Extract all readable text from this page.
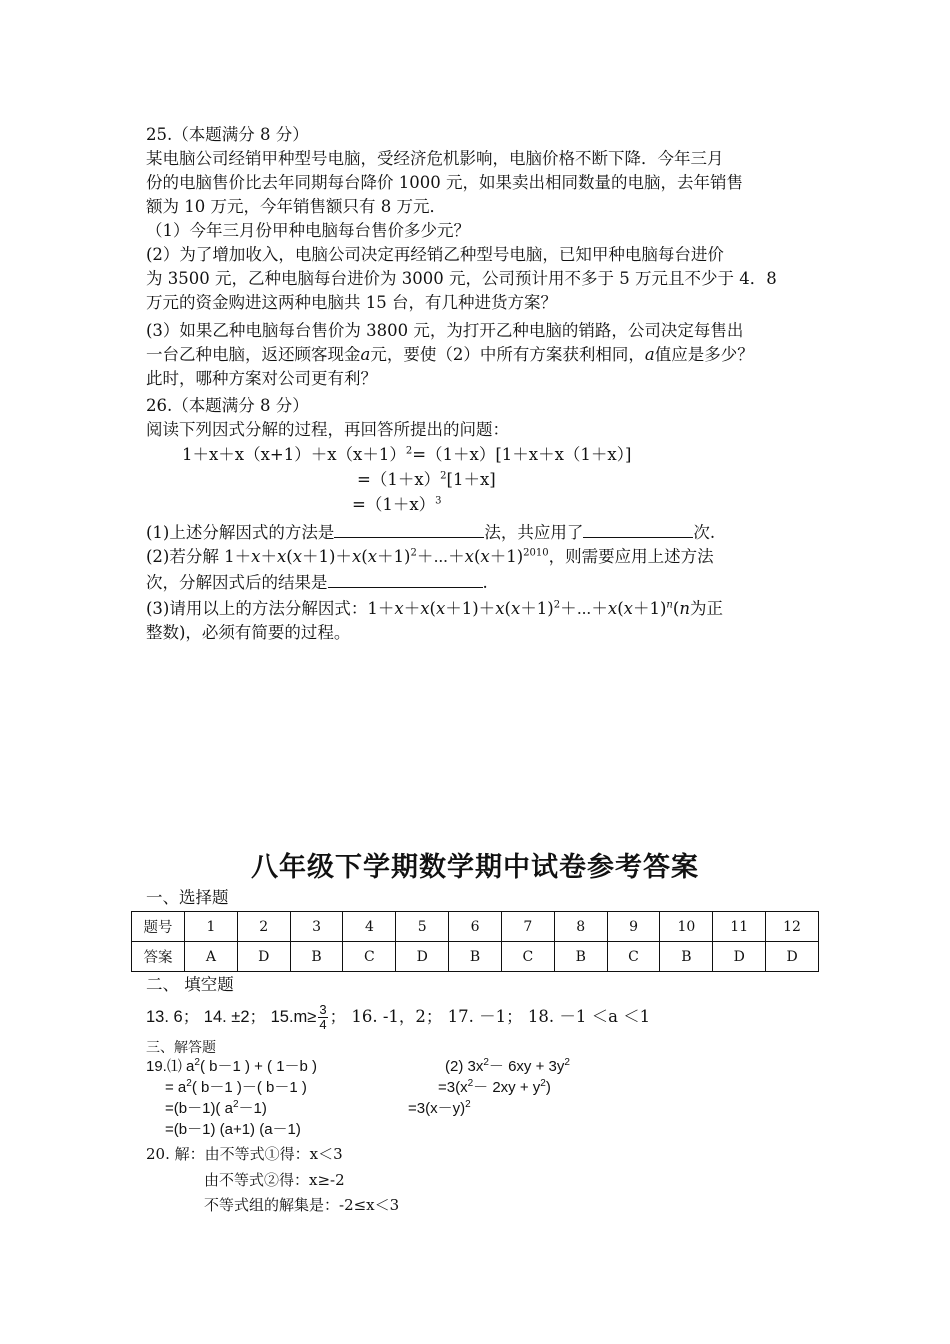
25.（本题满分 8 分）
某电脑公司经销甲种型号电脑，受经济危机影响，电脑价格不断下降．今年三月
份的电脑售价比去年同期每台降价 1000 元，如果卖出相同数量的电脑，去年销售
额为 10 万元，今年销售额只有 8 万元．
（1）今年三月份甲种电脑每台售价多少元？
(2）为了增加收入，电脑公司决定再经销乙种型号电脑，已知甲种电脑每台进价
为 3500 元，乙种电脑每台进价为 3000 元，公司预计用不多于 5 万元且不少于 4．8
万元的资金购进这两种电脑共 15 台，有几种进货方案？
(3）如果乙种电脑每台售价为 3800 元，为打开乙种电脑的销路，公司决定每售出
一台乙种电脑，返还顾客现金a元，要使（2）中所有方案获利相同，a值应是多少？
此时，哪种方案对公司更有利？
26.（本题满分 8 分）
阅读下列因式分解的过程，再回答所提出的问题：
$1+x+x(x+1)+x(x+1)^2=(1+x)[1+x+x(1+x)]$
$=(1+x)^2[1+x]$
$=(1+x)^3$
(1)上述分解因式的方法是	法，共应用了	次.
(2)若分解 $1+x+x(x+1)+x(x+1)^2+\cdots+x(x+1)^{2010}$，则需要应用上述方法
次，分解因式后的结果是	.
(3)请用以上的方法分解因式：$1+x+x(x+1)+x(x+1)^2+\cdots+x(x+1)^n(n$为正
整数)，必须有简要的过程。
八年级下学期数学期中试卷参考答案
一、选择题
题号	1	2	3	4	5	6	7	8	9	10	11	12
答案	A	D	B	C	D	B	C	B	C	B	D	D
二、 填空题
13. 6； 14. ±2； $15.m\ge \frac{3}{4}$ ； 16. -1，2； 17. －1； 18. －1 ＜a ＜1
三、解答题
19.⑴ $a^2$( b－1 ) + ( 1－b )	(2) $3x^2- 6xy + 3y^2$
= $a^2$( b－1 )－( b－1 )	$=3(x^2- 2xy + y^2)$
=(b－1)( $a^2-1$)	$=3(x-y)^2$
=(b－1) (a+1) (a－1)
20. 解：由不等式①得：x＜3
由不等式②得：x≥-2
不等式组的解集是：-2≤x＜3
